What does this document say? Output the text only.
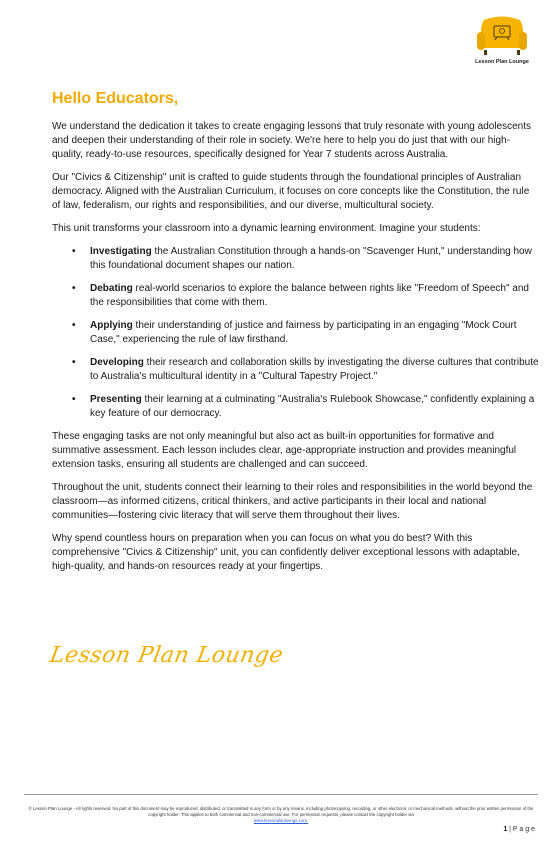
Lesson Plan Lounge
Hello Educators,

We understand the dedication it takes to create engaging lessons that truly resonate with young adolescents and deepen their understanding of their role in society. We're here to help you do just that with our high-quality, ready-to-use resources, specifically designed for Year 7 students across Australia.

Our "Civics & Citizenship" unit is crafted to guide students through the foundational principles of Australian democracy. Aligned with the Australian Curriculum, it focuses on core concepts like the Constitution, the rule of law, federalism, our rights and responsibilities, and our diverse, multicultural society.

This unit transforms your classroom into a dynamic learning environment. Imagine your students:

• Investigating the Australian Constitution through a hands-on "Scavenger Hunt," understanding how this foundational document shapes our nation.
• Debating real-world scenarios to explore the balance between rights like "Freedom of Speech" and the responsibilities that come with them.
• Applying their understanding of justice and fairness by participating in an engaging "Mock Court Case," experiencing the rule of law firsthand.
• Developing their research and collaboration skills by investigating the diverse cultures that contribute to Australia's multicultural identity in a "Cultural Tapestry Project."
• Presenting their learning at a culminating "Australia's Rulebook Showcase," confidently explaining a key feature of our democracy.

These engaging tasks are not only meaningful but also act as built-in opportunities for formative and summative assessment. Each lesson includes clear, age-appropriate instruction and provides meaningful extension tasks, ensuring all students are challenged and can succeed.

Throughout the unit, students connect their learning to their roles and responsibilities in the world beyond the classroom—as informed citizens, critical thinkers, and active participants in their local and national communities—fostering civic literacy that will serve them throughout their lives.

Why spend countless hours on preparation when you can focus on what you do best? With this comprehensive "Civics & Citizenship" unit, you can confidently deliver exceptional lessons with adaptable, high-quality, and hands-on resources ready at your fingertips.

Lesson Plan Lounge
© Lesson Plan Lounge - All rights reserved. No part of this document may be reproduced, distributed, or transmitted in any form or by any means, including photocopying, recording, or other electronic or mechanical methods, without the prior written permission of the copyright holder. This applies to both commercial and non-commercial use. For permission requests, please contact the copyright holder via
www.lessonplanlounge.com.
1 | P a g e
